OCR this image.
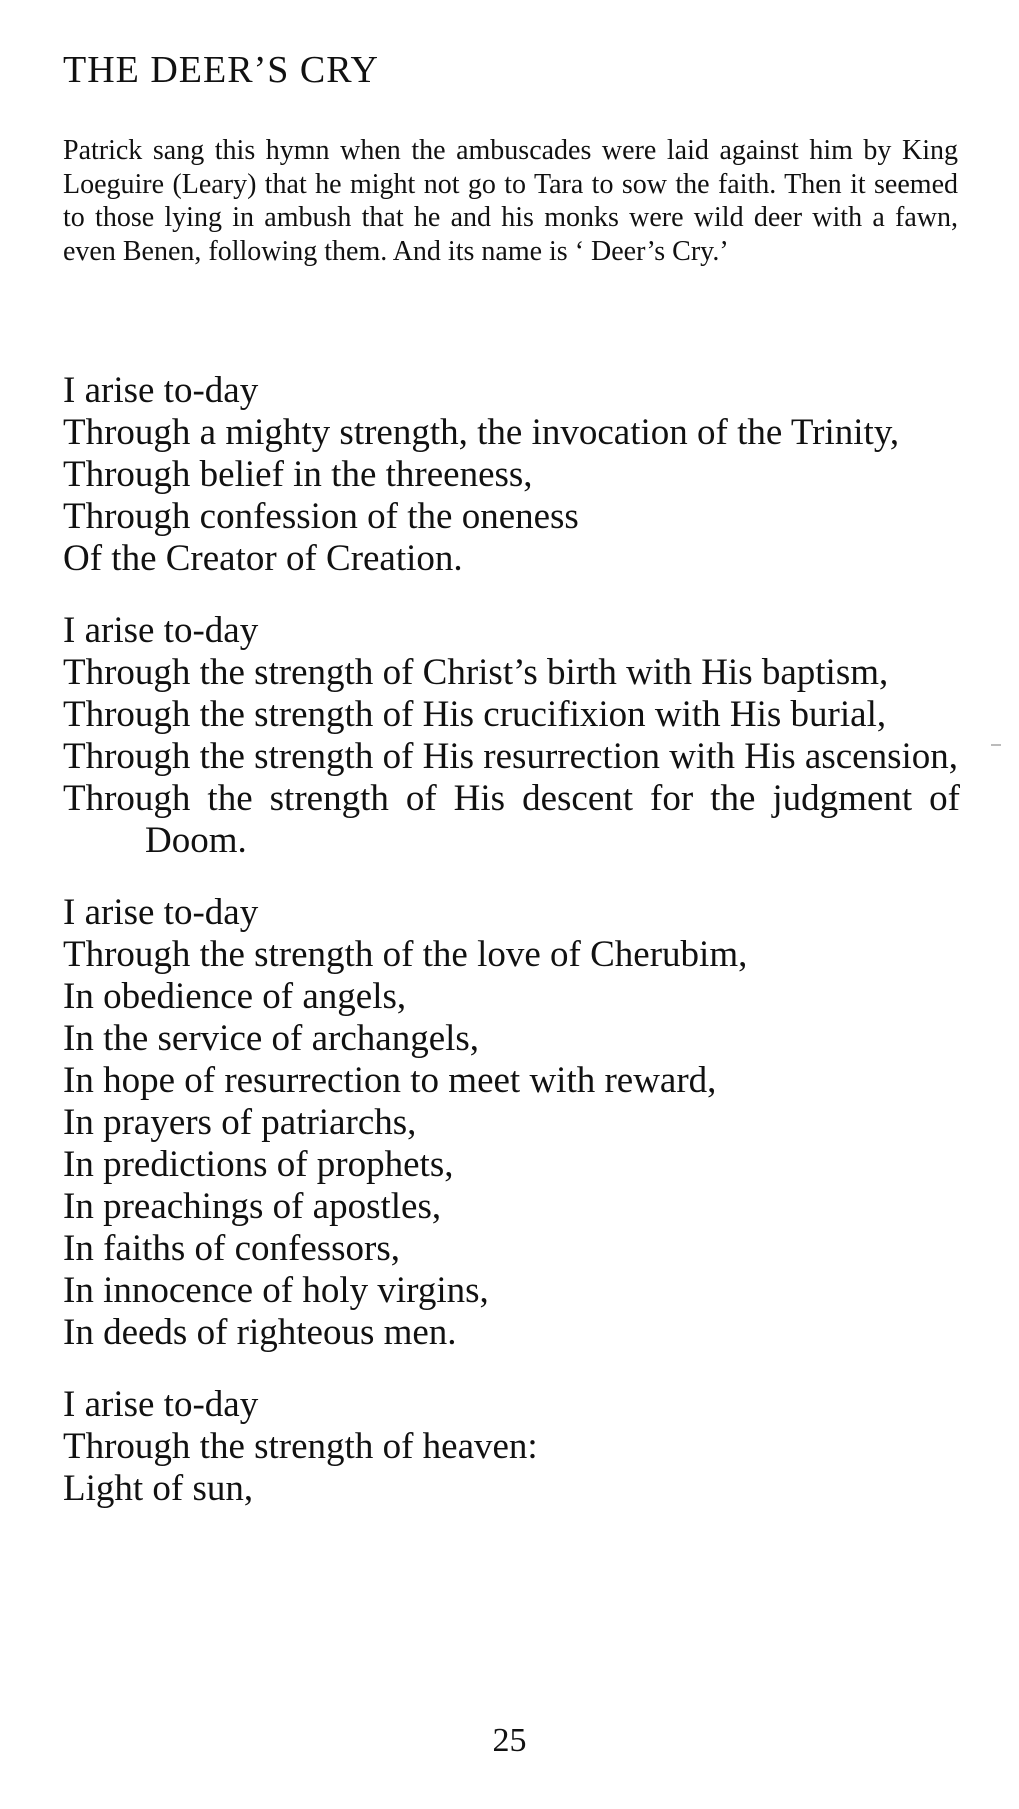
THE DEER’S CRY

Patrick sang this hymn when the ambuscades were laid against him by King Loeguire (Leary) that he might not go to Tara to sow the faith. Then it seemed to those lying in ambush that he and his monks were wild deer with a fawn, even Benen, following them. And its name is ‘ Deer’s Cry.’

I arise to-day
Through a mighty strength, the invocation of the Trinity,
Through belief in the threeness,
Through confession of the oneness
Of the Creator of Creation.
I arise to-day
Through the strength of Christ’s birth with His baptism,
Through the strength of His crucifixion with His burial,
Through the strength of His resurrection with His ascension,
Through the strength of His descent for the judgment of Doom.
I arise to-day
Through the strength of the love of Cherubim,
In obedience of angels,
In the service of archangels,
In hope of resurrection to meet with reward,
In prayers of patriarchs,
In predictions of prophets,
In preachings of apostles,
In faiths of confessors,
In innocence of holy virgins,
In deeds of righteous men.
I arise to-day
Through the strength of heaven:
Light of sun,
25
